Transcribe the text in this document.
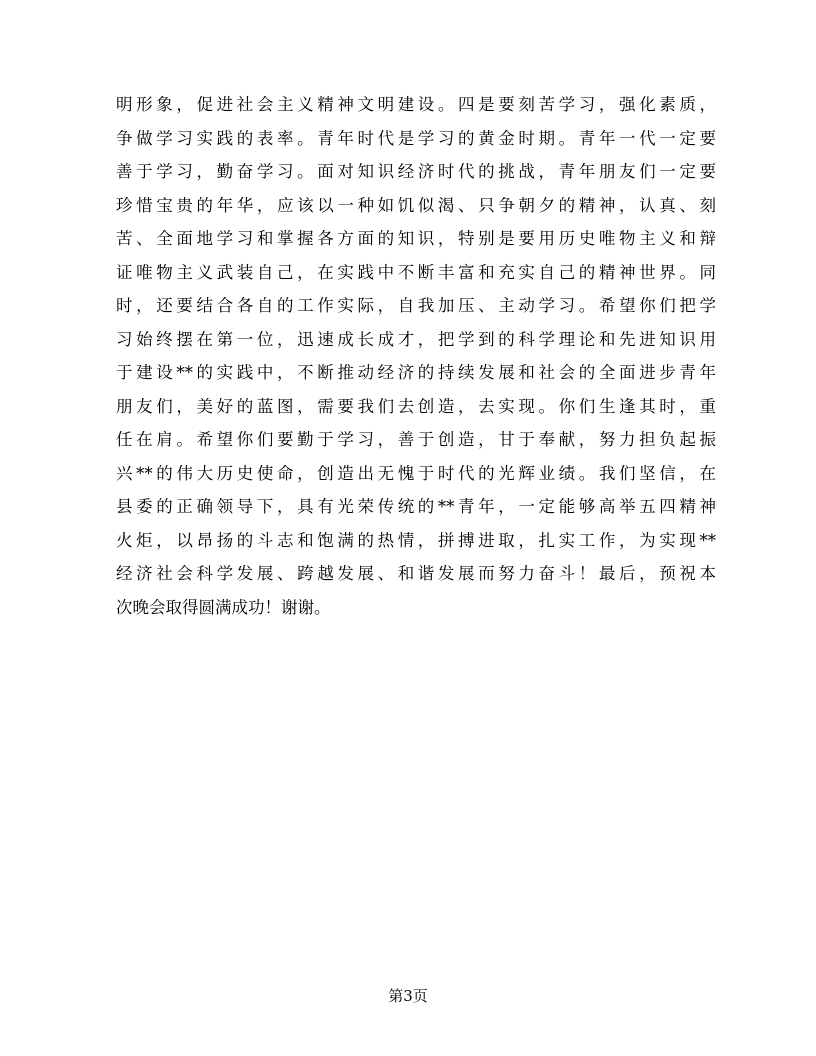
明形象，促进社会主义精神文明建设。四是要刻苦学习，强化素质，
争做学习实践的表率。青年时代是学习的黄金时期。青年一代一定要
善于学习，勤奋学习。面对知识经济时代的挑战，青年朋友们一定要
珍惜宝贵的年华，应该以一种如饥似渴、只争朝夕的精神，认真、刻
苦、全面地学习和掌握各方面的知识，特别是要用历史唯物主义和辩
证唯物主义武装自己，在实践中不断丰富和充实自己的精神世界。同
时，还要结合各自的工作实际，自我加压、主动学习。希望你们把学
习始终摆在第一位，迅速成长成才，把学到的科学理论和先进知识用
于建设**的实践中，不断推动经济的持续发展和社会的全面进步青年
朋友们，美好的蓝图，需要我们去创造，去实现。你们生逢其时，重
任在肩。希望你们要勤于学习，善于创造，甘于奉献，努力担负起振
兴**的伟大历史使命，创造出无愧于时代的光辉业绩。我们坚信，在
县委的正确领导下，具有光荣传统的**青年，一定能够高举五四精神
火炬，以昂扬的斗志和饱满的热情，拼搏进取，扎实工作，为实现**
经济社会科学发展、跨越发展、和谐发展而努力奋斗！最后，预祝本
次晚会取得圆满成功！谢谢。
第3页
